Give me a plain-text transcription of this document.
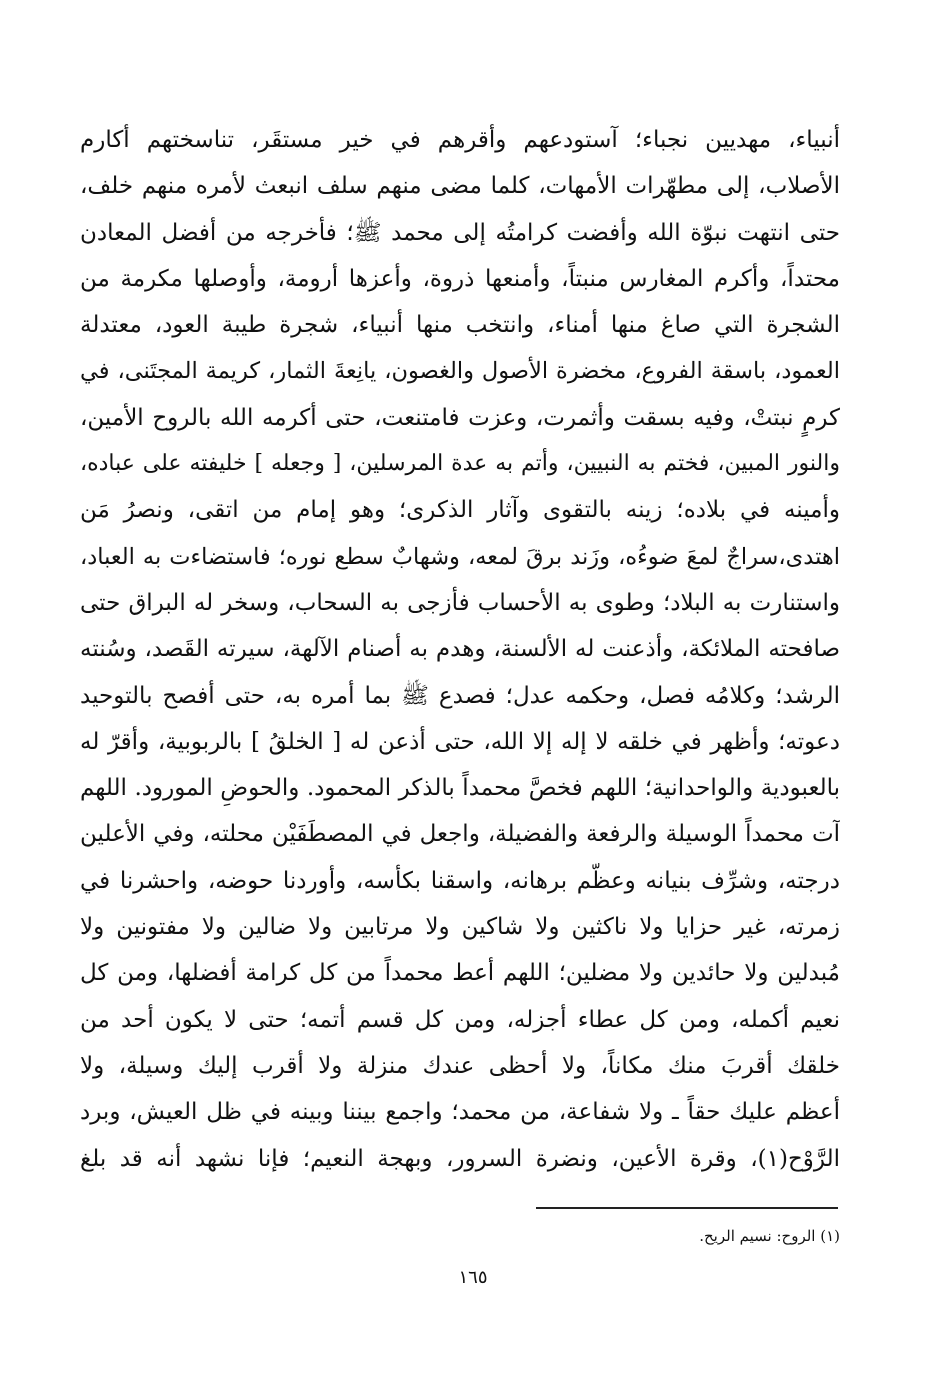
أنبياء، مهديين نجباء؛ آستودعهم وأقرهم في خير مستقَر، تناسختهم أكارم
الأصلاب، إلى مطهّرات الأمهات، كلما مضى منهم سلف انبعث لأمره منهم خلف،
حتى انتهت نبوّة الله وأفضت كرامتُه إلى محمد ﷺ؛ فأخرجه من أفضل المعادن
محتداً، وأكرم المغارس منبتاً، وأمنعها ذروة، وأعزها أرومة، وأوصلها مكرمة من
الشجرة التي صاغ منها أمناء، وانتخب منها أنبياء، شجرة طيبة العود، معتدلة
العمود، باسقة الفروع، مخضرة الأصول والغصون، يانِعةَ الثمار، كريمة المجتَنى، في
كرمٍ نبتتْ، وفيه بسقت وأثمرت، وعزت فامتنعت، حتى أكرمه الله بالروح الأمين،
والنور المبين، فختم به النبيين، وأتم به عدة المرسلين، [ وجعله ] خليفته على عباده،
وأمينه في بلاده؛ زينه بالتقوى وآثار الذكرى؛ وهو إمام من اتقى، ونصرُ مَن
اهتدى،سراجٌ لمعَ ضوءُه، وزَند برقَ لمعه، وشهابٌ سطع نوره؛ فاستضاءت به العباد،
واستنارت به البلاد؛ وطوى به الأحساب فأزجى به السحاب، وسخر له البراق حتى
صافحته الملائكة، وأذعنت له الألسنة، وهدم به أصنام الآلهة، سيرته القَصد، وسُنته
الرشد؛ وكلامُه فصل، وحكمه عدل؛ فصدع ﷺ بما أمره به، حتى أفصح بالتوحيد
دعوته؛ وأظهر في خلقه لا إله إلا الله، حتى أذعن له [ الخلقُ ] بالربوبية، وأقرّ له
بالعبودية والواحدانية؛ اللهم فخصَّ محمداً بالذكر المحمود. والحوضِ المورود. اللهم
آت محمداً الوسيلة والرفعة والفضيلة، واجعل في المصطَفَيْن محلته، وفي الأعلين
درجته، وشرِّف بنيانه وعظّم برهانه، واسقنا بكأسه، وأوردنا حوضه، واحشرنا في
زمرته، غير حزايا ولا ناكثين ولا شاكين ولا مرتابين ولا ضالين ولا مفتونين ولا
مُبدلين ولا حائدين ولا مضلين؛ اللهم أعط محمداً من كل كرامة أفضلها، ومن كل
نعيم أكمله، ومن كل عطاء أجزله، ومن كل قسم أتمه؛ حتى لا يكون أحد من
خلقك أقربَ منك مكاناً، ولا أحظى عندك منزلة ولا أقرب إليك وسيلة، ولا
أعظم عليك حقاً ـ ولا شفاعة، من محمد؛ واجمع بيننا وبينه في ظل العيش، وبرد
الرَّوْح(١)، وقرة الأعين، ونضرة السرور، وبهجة النعيم؛ فإنا نشهد أنه قد بلغ
(١) الروح: نسيم الريح.
١٦٥
